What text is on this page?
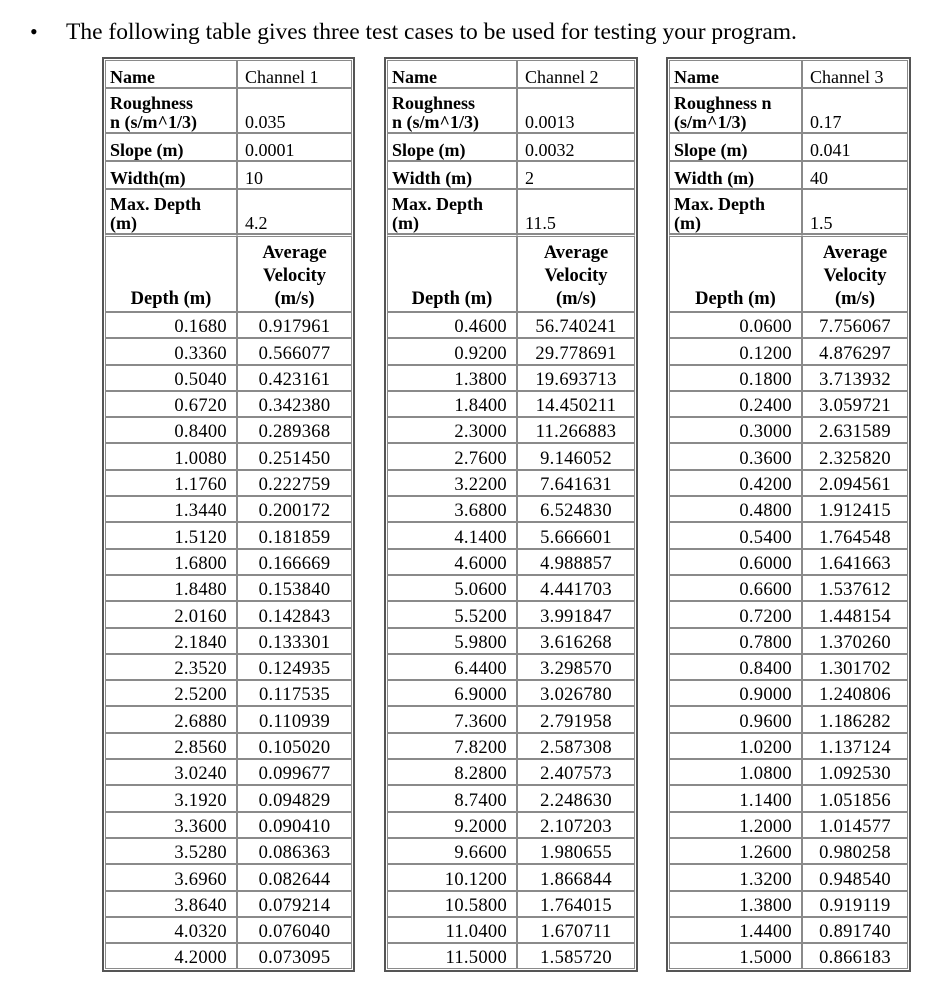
• The following table gives three test cases to be used for testing your program.
Name	Channel 1
Roughness
n (s/m^1/3)	0.035
Slope (m)	0.0001
Width(m)	10
Max. Depth
(m)	4.2
Depth (m)	Average
Velocity
(m/s)
0.1680	0.917961
0.3360	0.566077
0.5040	0.423161
0.6720	0.342380
0.8400	0.289368
1.0080	0.251450
1.1760	0.222759
1.3440	0.200172
1.5120	0.181859
1.6800	0.166669
1.8480	0.153840
2.0160	0.142843
2.1840	0.133301
2.3520	0.124935
2.5200	0.117535
2.6880	0.110939
2.8560	0.105020
3.0240	0.099677
3.1920	0.094829
3.3600	0.090410
3.5280	0.086363
3.6960	0.082644
3.8640	0.079214
4.0320	0.076040
4.2000	0.073095
Name	Channel 2
Roughness
n (s/m^1/3)	0.0013
Slope (m)	0.0032
Width (m)	2
Max. Depth
(m)	11.5
Depth (m)	Average
Velocity
(m/s)
0.4600	56.740241
0.9200	29.778691
1.3800	19.693713
1.8400	14.450211
2.3000	11.266883
2.7600	9.146052
3.2200	7.641631
3.6800	6.524830
4.1400	5.666601
4.6000	4.988857
5.0600	4.441703
5.5200	3.991847
5.9800	3.616268
6.4400	3.298570
6.9000	3.026780
7.3600	2.791958
7.8200	2.587308
8.2800	2.407573
8.7400	2.248630
9.2000	2.107203
9.6600	1.980655
10.1200	1.866844
10.5800	1.764015
11.0400	1.670711
11.5000	1.585720
Name	Channel 3
Roughness n
(s/m^1/3)	0.17
Slope (m)	0.041
Width (m)	40
Max. Depth
(m)	1.5
Depth (m)	Average
Velocity
(m/s)
0.0600	7.756067
0.1200	4.876297
0.1800	3.713932
0.2400	3.059721
0.3000	2.631589
0.3600	2.325820
0.4200	2.094561
0.4800	1.912415
0.5400	1.764548
0.6000	1.641663
0.6600	1.537612
0.7200	1.448154
0.7800	1.370260
0.8400	1.301702
0.9000	1.240806
0.9600	1.186282
1.0200	1.137124
1.0800	1.092530
1.1400	1.051856
1.2000	1.014577
1.2600	0.980258
1.3200	0.948540
1.3800	0.919119
1.4400	0.891740
1.5000	0.866183
